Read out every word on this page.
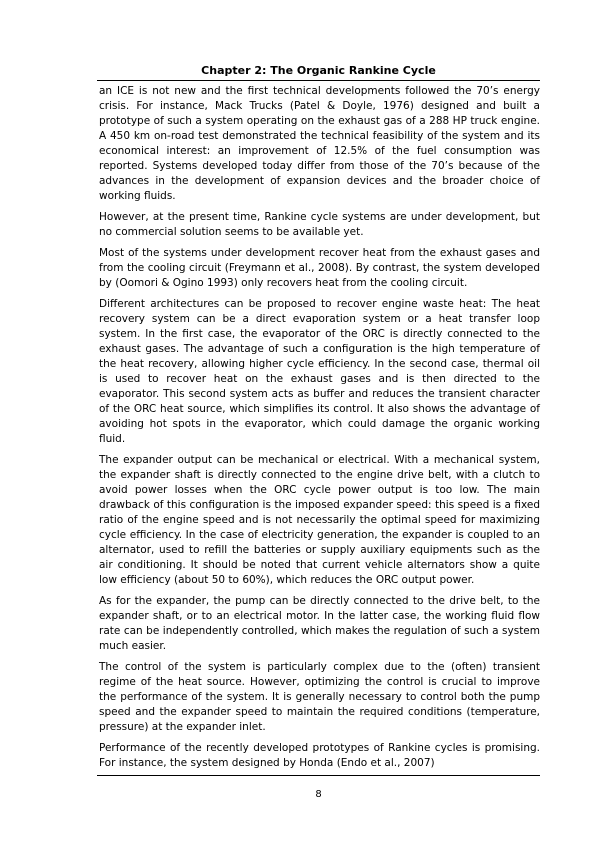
Chapter 2: The Organic Rankine Cycle

an ICE is not new and the first technical developments followed the 70’s energy crisis. For instance, Mack Trucks (Patel & Doyle, 1976) designed and built a prototype of such a system operating on the exhaust gas of a 288 HP truck engine. A 450 km on-road test demonstrated the technical feasibility of the system and its economical interest: an improvement of 12.5% of the fuel consumption was reported. Systems developed today differ from those of the 70’s because of the advances in the development of expansion devices and the broader choice of working fluids.

However, at the present time, Rankine cycle systems are under development, but no commercial solution seems to be available yet.

Most of the systems under development recover heat from the exhaust gases and from the cooling circuit (Freymann et al., 2008). By contrast, the system developed by (Oomori & Ogino 1993) only recovers heat from the cooling circuit.

Different architectures can be proposed to recover engine waste heat: The heat recovery system can be a direct evaporation system or a heat transfer loop system. In the first case, the evaporator of the ORC is directly connected to the exhaust gases. The advantage of such a configuration is the high temperature of the heat recovery, allowing higher cycle efficiency. In the second case, thermal oil is used to recover heat on the exhaust gases and is then directed to the evaporator. This second system acts as buffer and reduces the transient character of the ORC heat source, which simplifies its control. It also shows the advantage of avoiding hot spots in the evaporator, which could damage the organic working fluid.

The expander output can be mechanical or electrical. With a mechanical system, the expander shaft is directly connected to the engine drive belt, with a clutch to avoid power losses when the ORC cycle power output is too low. The main drawback of this configuration is the imposed expander speed: this speed is a fixed ratio of the engine speed and is not necessarily the optimal speed for maximizing cycle efficiency. In the case of electricity generation, the expander is coupled to an alternator, used to refill the batteries or supply auxiliary equipments such as the air conditioning. It should be noted that current vehicle alternators show a quite low efficiency (about 50 to 60%), which reduces the ORC output power.

As for the expander, the pump can be directly connected to the drive belt, to the expander shaft, or to an electrical motor. In the latter case, the working fluid flow rate can be independently controlled, which makes the regulation of such a system much easier.

The control of the system is particularly complex due to the (often) transient regime of the heat source. However, optimizing the control is crucial to improve the performance of the system. It is generally necessary to control both the pump speed and the expander speed to maintain the required conditions (temperature, pressure) at the expander inlet.

Performance of the recently developed prototypes of Rankine cycles is promising. For instance, the system designed by Honda (Endo et al., 2007)

8
